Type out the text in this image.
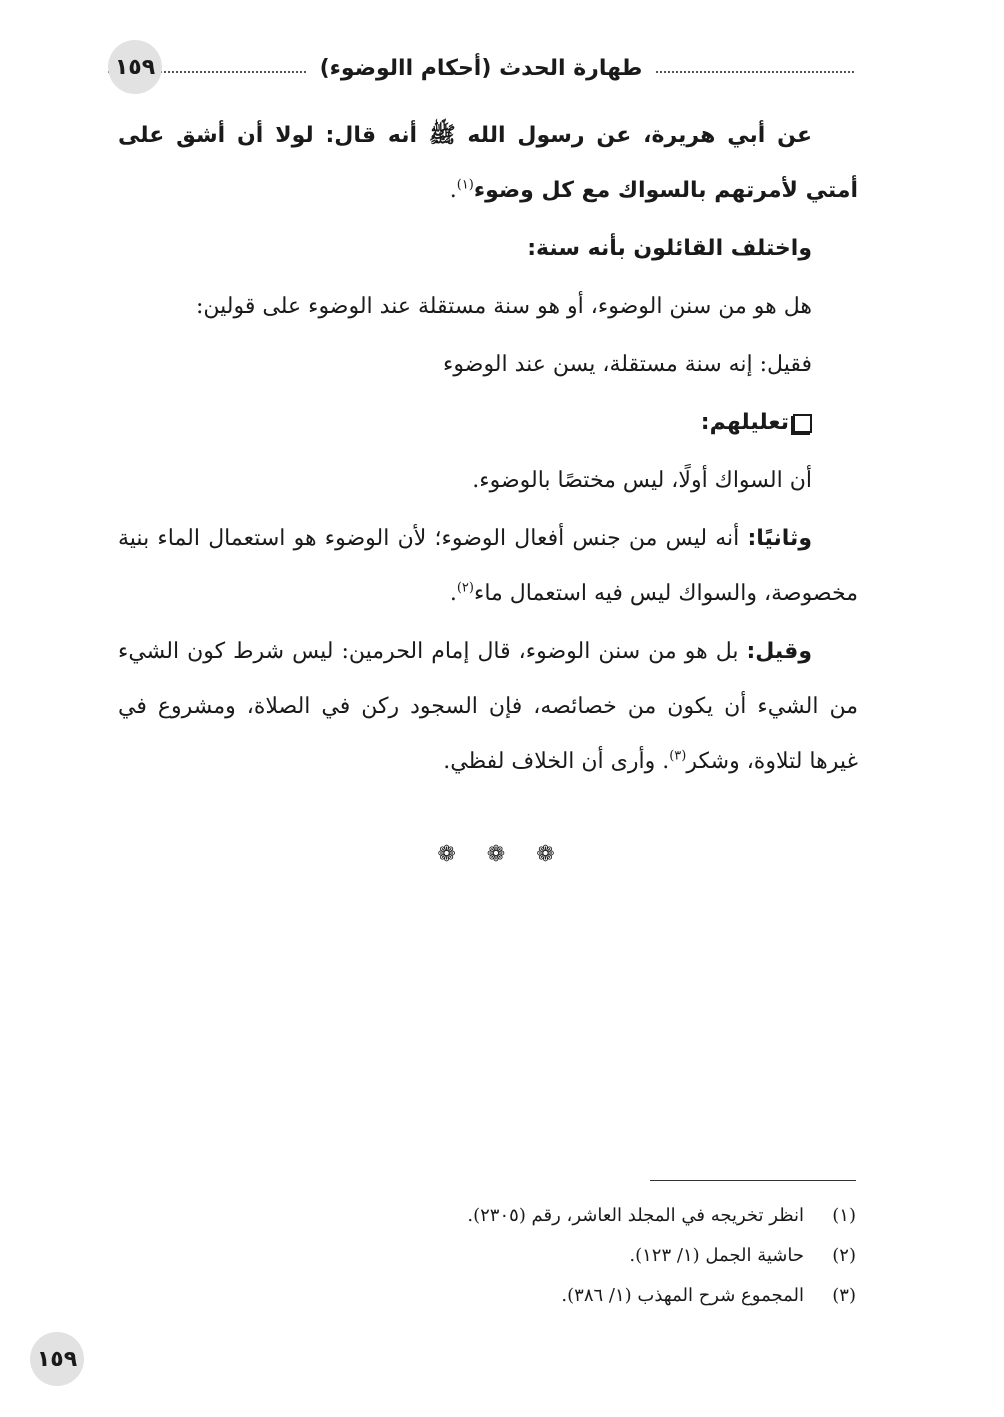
طهارة الحدث (أحكام االوضوء)
١٥٩

عن أبي هريرة، عن رسول الله ﷺ أنه قال: لولا أن أشق على أمتي لأمرتهم بالسواك مع كل وضوء$^{(١)}$.

واختلف القائلون بأنه سنة:

هل هو من سنن الوضوء، أو هو سنة مستقلة عند الوضوء على قولين:

فقيل: إنه سنة مستقلة، يسن عند الوضوء

تعليلهم:

أن السواك أولًا، ليس مختصًا بالوضوء.

وثانيًا: أنه ليس من جنس أفعال الوضوء؛ لأن الوضوء هو استعمال الماء بنية مخصوصة، والسواك ليس فيه استعمال ماء$^{(٢)}$.

وقيل: بل هو من سنن الوضوء، قال إمام الحرمين: ليس شرط كون الشيء من الشيء أن يكون من خصائصه، فإن السجود ركن في الصلاة، ومشروع في غيرها لتلاوة، وشكر$^{(٣)}$. وأرى أن الخلاف لفظي.

❁ ❁ ❁
(١)
انظر تخريجه في المجلد العاشر، رقم (٢٣٠٥).
(٢)
حاشية الجمل (١/ ١٢٣).
(٣)
المجموع شرح المهذب (١/ ٣٨٦).
١٥٩
